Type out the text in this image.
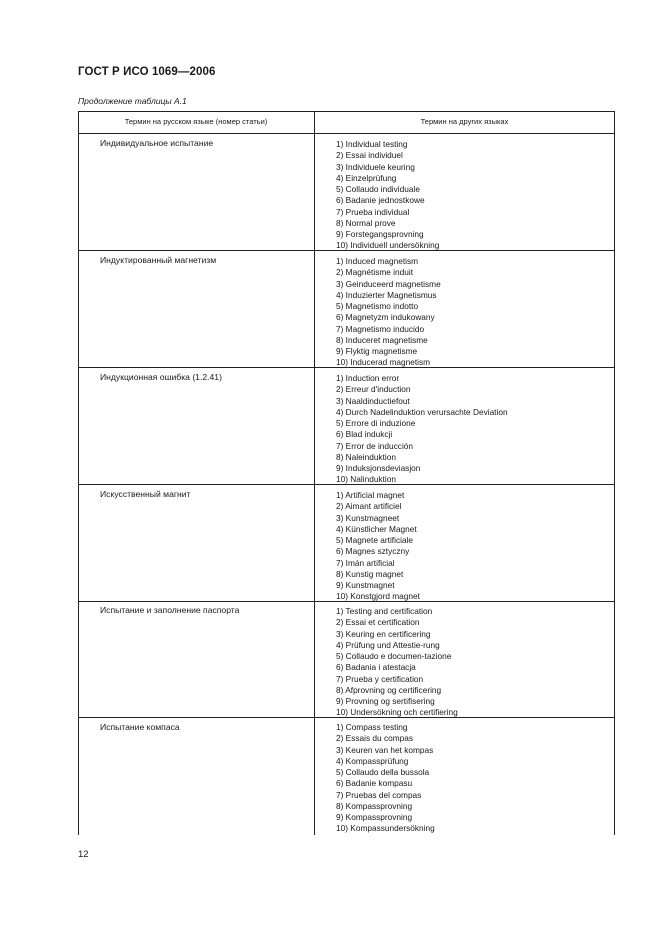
ГОСТ Р ИСО 1069—2006
Продолжение таблицы А.1
Термин на русском языке (номер статьи)	Термин на других языках
Индивидуальное испытание	1) Individual testing
2) Essai individuel
3) Individuele keuring
4) Einzelprüfung
5) Collaudo individuale
6) Badanie jednostkowe
7) Prueba individual
8) Normal prove
9) Forstegangsprovning
10) Individuell undersökning
Индуктированный магнетизм	1) Induced magnetism
2) Magnétisme induit
3) Geinduceerd magnetisme
4) Induzierter Magnetismus
5) Magnetismo indotto
6) Magnetyzm indukowany
7) Magnetismo inducido
8) Induceret magnetisme
9) Flyktig magnetisme
10) Inducerad magnetism
Индукционная ошибка (1.2.41)	1) Induction error
2) Erreur d'induction
3) Naaldinductiefout
4) Durch Nadelinduktion verursachte Deviation
5) Errore di induzione
6) Blad indukcji
7) Error de inducción
8) Naleinduktion
9) Induksjonsdeviasjon
10) Nalinduktion
Искусственный магнит	1) Artificial magnet
2) Aimant artificiel
3) Kunstmagneet
4) Künstlicher Magnet
5) Magnete artificiale
6) Magnes sztyczny
7) Imán artificial
8) Kunstig magnet
9) Kunstmagnet
10) Konstgjord magnet
Испытание и заполнение паспорта	1) Testing and certification
2) Essai et certification
3) Keuring en certificering
4) Prüfung und Attestie-rung
5) Collaudo e documen-tazione
6) Badania i atestacja
7) Prueba y certification
8) Afprovning og certificering
9) Provning og sertifisering
10) Undersökning och certifiering
Испытание компаса	1) Compass testing
2) Essais du compas
3) Keuren van het kompas
4) Kompassprüfung
5) Collaudo della bussola
6) Badanie kompasu
7) Pruebas del compas
8) Kompassprovning
9) Kompassprovning
10) Kompassundersökning
12
